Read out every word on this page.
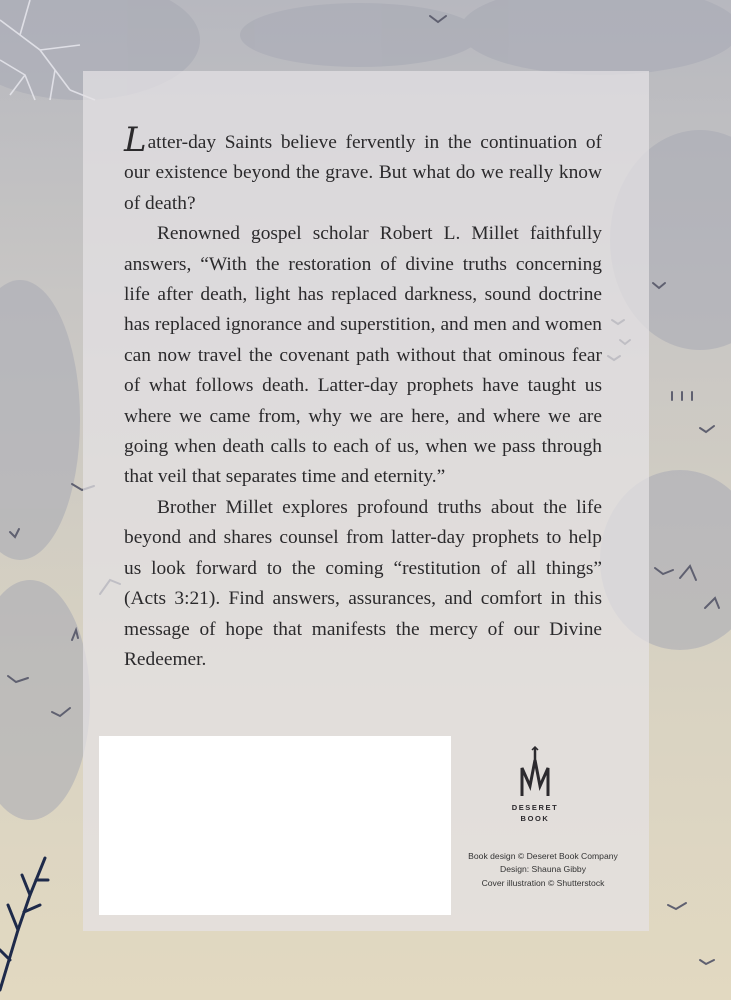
Latter-day Saints believe fervently in the continuation of our existence beyond the grave. But what do we really know of death?

Renowned gospel scholar Robert L. Millet faithfully answers, “With the restoration of divine truths concerning life after death, light has replaced darkness, sound doctrine has replaced ignorance and superstition, and men and women can now travel the covenant path without that ominous fear of what follows death. Latter-day prophets have taught us where we came from, why we are here, and where we are going when death calls to each of us, when we pass through that veil that separates time and eternity.”

Brother Millet explores profound truths about the life beyond and shares counsel from latter-day prophets to help us look forward to the coming “restitution of all things” (Acts 3:21). Find answers, assurances, and comfort in this message of hope that manifests the mercy of our Divine Redeemer.

DESERET
BOOK
Book design © Deseret Book Company
Design: Shauna Gibby
Cover illustration © Shutterstock
